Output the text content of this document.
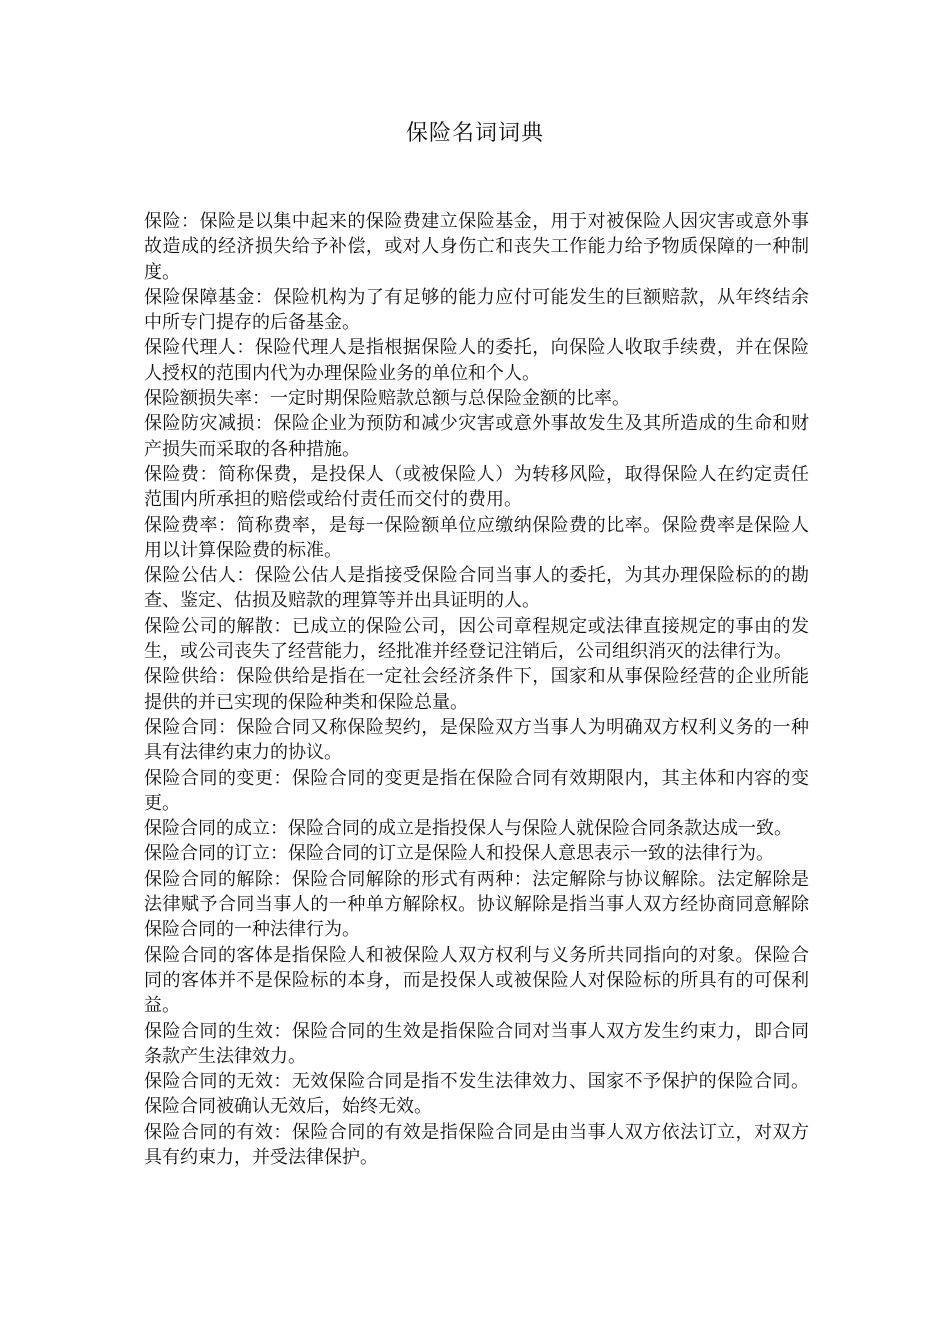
保险名词词典

保险：保险是以集中起来的保险费建立保险基金，用于对被保险人因灾害或意外事故造成的经济损失给予补偿，或对人身伤亡和丧失工作能力给予物质保障的一种制度。

保险保障基金：保险机构为了有足够的能力应付可能发生的巨额赔款，从年终结余中所专门提存的后备基金。

保险代理人：保险代理人是指根据保险人的委托，向保险人收取手续费，并在保险人授权的范围内代为办理保险业务的单位和个人。

保险额损失率：一定时期保险赔款总额与总保险金额的比率。

保险防灾减损：保险企业为预防和减少灾害或意外事故发生及其所造成的生命和财产损失而采取的各种措施。

保险费：简称保费，是投保人（或被保险人）为转移风险，取得保险人在约定责任范围内所承担的赔偿或给付责任而交付的费用。

保险费率：简称费率，是每一保险额单位应缴纳保险费的比率。保险费率是保险人用以计算保险费的标准。

保险公估人：保险公估人是指接受保险合同当事人的委托，为其办理保险标的的勘查、鉴定、估损及赔款的理算等并出具证明的人。

保险公司的解散：已成立的保险公司，因公司章程规定或法律直接规定的事由的发生，或公司丧失了经营能力，经批准并经登记注销后，公司组织消灭的法律行为。

保险供给：保险供给是指在一定社会经济条件下，国家和从事保险经营的企业所能提供的并已实现的保险种类和保险总量。

保险合同：保险合同又称保险契约，是保险双方当事人为明确双方权利义务的一种具有法律约束力的协议。

保险合同的变更：保险合同的变更是指在保险合同有效期限内，其主体和内容的变更。

保险合同的成立：保险合同的成立是指投保人与保险人就保险合同条款达成一致。

保险合同的订立：保险合同的订立是保险人和投保人意思表示一致的法律行为。

保险合同的解除：保险合同解除的形式有两种：法定解除与协议解除。法定解除是法律赋予合同当事人的一种单方解除权。协议解除是指当事人双方经协商同意解除保险合同的一种法律行为。

保险合同的客体是指保险人和被保险人双方权利与义务所共同指向的对象。保险合同的客体并不是保险标的本身，而是投保人或被保险人对保险标的所具有的可保利益。

保险合同的生效：保险合同的生效是指保险合同对当事人双方发生约束力，即合同条款产生法律效力。

保险合同的无效：无效保险合同是指不发生法律效力、国家不予保护的保险合同。保险合同被确认无效后，始终无效。

保险合同的有效：保险合同的有效是指保险合同是由当事人双方依法订立，对双方具有约束力，并受法律保护。
